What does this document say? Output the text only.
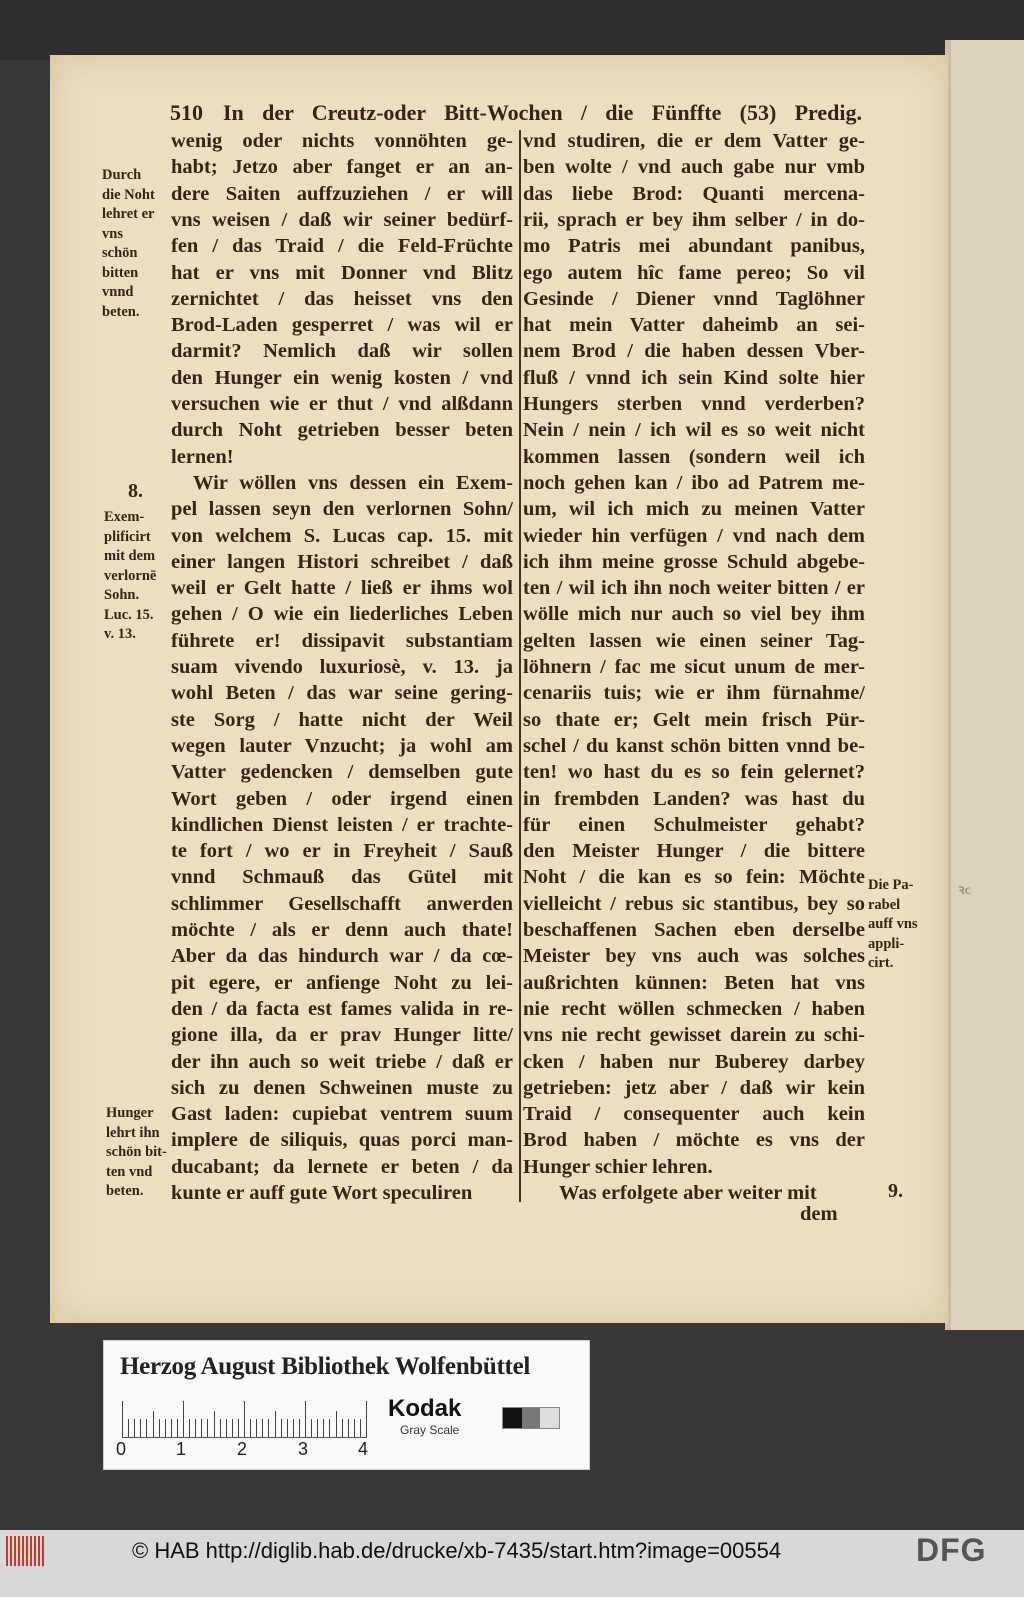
ꝛc
510 In der Creutz-oder Bitt-Wochen / die Fünffte (53) Predig.
wenig oder nichts vonnöhten ge-
habt; Jetzo aber fanget er an an-
dere Saiten auffzuziehen / er will
vns weisen / daß wir seiner bedürf-
fen / das Traid / die Feld-Früchte
hat er vns mit Donner vnd Blitz
zernichtet / das heisset vns den
Brod-Laden gesperret / was wil er
darmit? Nemlich daß wir sollen
den Hunger ein wenig kosten / vnd
versuchen wie er thut / vnd alßdann
durch Noht getrieben besser beten
lernen!
Wir wöllen vns dessen ein Exem-
pel lassen seyn den verlornen Sohn/
von welchem S. Lucas cap. 15. mit
einer langen Histori schreibet / daß
weil er Gelt hatte / ließ er ihms wol
gehen / O wie ein liederliches Leben
führete er! dissipavit substantiam
suam vivendo luxuriosè, v. 13. ja
wohl Beten / das war seine gering-
ste Sorg / hatte nicht der Weil
wegen lauter Vnzucht; ja wohl am
Vatter gedencken / demselben gute
Wort geben / oder irgend einen
kindlichen Dienst leisten / er trachte-
te fort / wo er in Freyheit / Sauß
vnnd Schmauß das Gütel mit
schlimmer Gesellschafft anwerden
möchte / als er denn auch thate!
Aber da das hindurch war / da cœ-
pit egere, er anfienge Noht zu lei-
den / da facta est fames valida in re-
gione illa, da er prav Hunger litte/
der ihn auch so weit triebe / daß er
sich zu denen Schweinen muste zu
Gast laden: cupiebat ventrem suum
implere de siliquis, quas porci man-
ducabant; da lernete er beten / da
kunte er auff gute Wort speculiren
vnd studiren, die er dem Vatter ge-
ben wolte / vnd auch gabe nur vmb
das liebe Brod: Quanti mercena-
rii, sprach er bey ihm selber / in do-
mo Patris mei abundant panibus,
ego autem hîc fame pereo; So vil
Gesinde / Diener vnnd Taglöhner
hat mein Vatter daheimb an sei-
nem Brod / die haben dessen Vber-
fluß / vnnd ich sein Kind solte hier
Hungers sterben vnnd verderben?
Nein / nein / ich wil es so weit nicht
kommen lassen (sondern weil ich
noch gehen kan / ibo ad Patrem me-
um, wil ich mich zu meinen Vatter
wieder hin verfügen / vnd nach dem
ich ihm meine grosse Schuld abgebe-
ten / wil ich ihn noch weiter bitten / er
wölle mich nur auch so viel bey ihm
gelten lassen wie einen seiner Tag-
löhnern / fac me sicut unum de mer-
cenariis tuis; wie er ihm fürnahme/
so thate er; Gelt mein frisch Pür-
schel / du kanst schön bitten vnnd be-
ten! wo hast du es so fein gelernet?
in frembden Landen? was hast du
für einen Schulmeister gehabt?
den Meister Hunger / die bittere
Noht / die kan es so fein: Möchte
vielleicht / rebus sic stantibus, bey so
beschaffenen Sachen eben derselbe
Meister bey vns auch was solches
außrichten künnen: Beten hat vns
nie recht wöllen schmecken / haben
vns nie recht gewisset darein zu schi-
cken / haben nur Buberey darbey
getrieben: jetz aber / daß wir kein
Traid / consequenter auch kein
Brod haben / möchte es vns der
Hunger schier lehren.
Was erfolgete aber weiter mit
Durch
die Noht
lehret er
vns
schön
bitten
vnnd
beten.
Exem-
plificirt
mit dem
verlornē
Sohn.
Luc. 15.
v. 13.
Hunger
lehrt ihn
schön bit-
ten vnd
beten.
Die Pa-
rabel
auff vns
appli-
cirt.
8.
9.
dem
Herzog August Bibliothek Wolfenbüttel
0	1	2	3	4
Kodak
Gray Scale
© HAB http://diglib.hab.de/drucke/xb-7435/start.htm?image=00554	DFG
